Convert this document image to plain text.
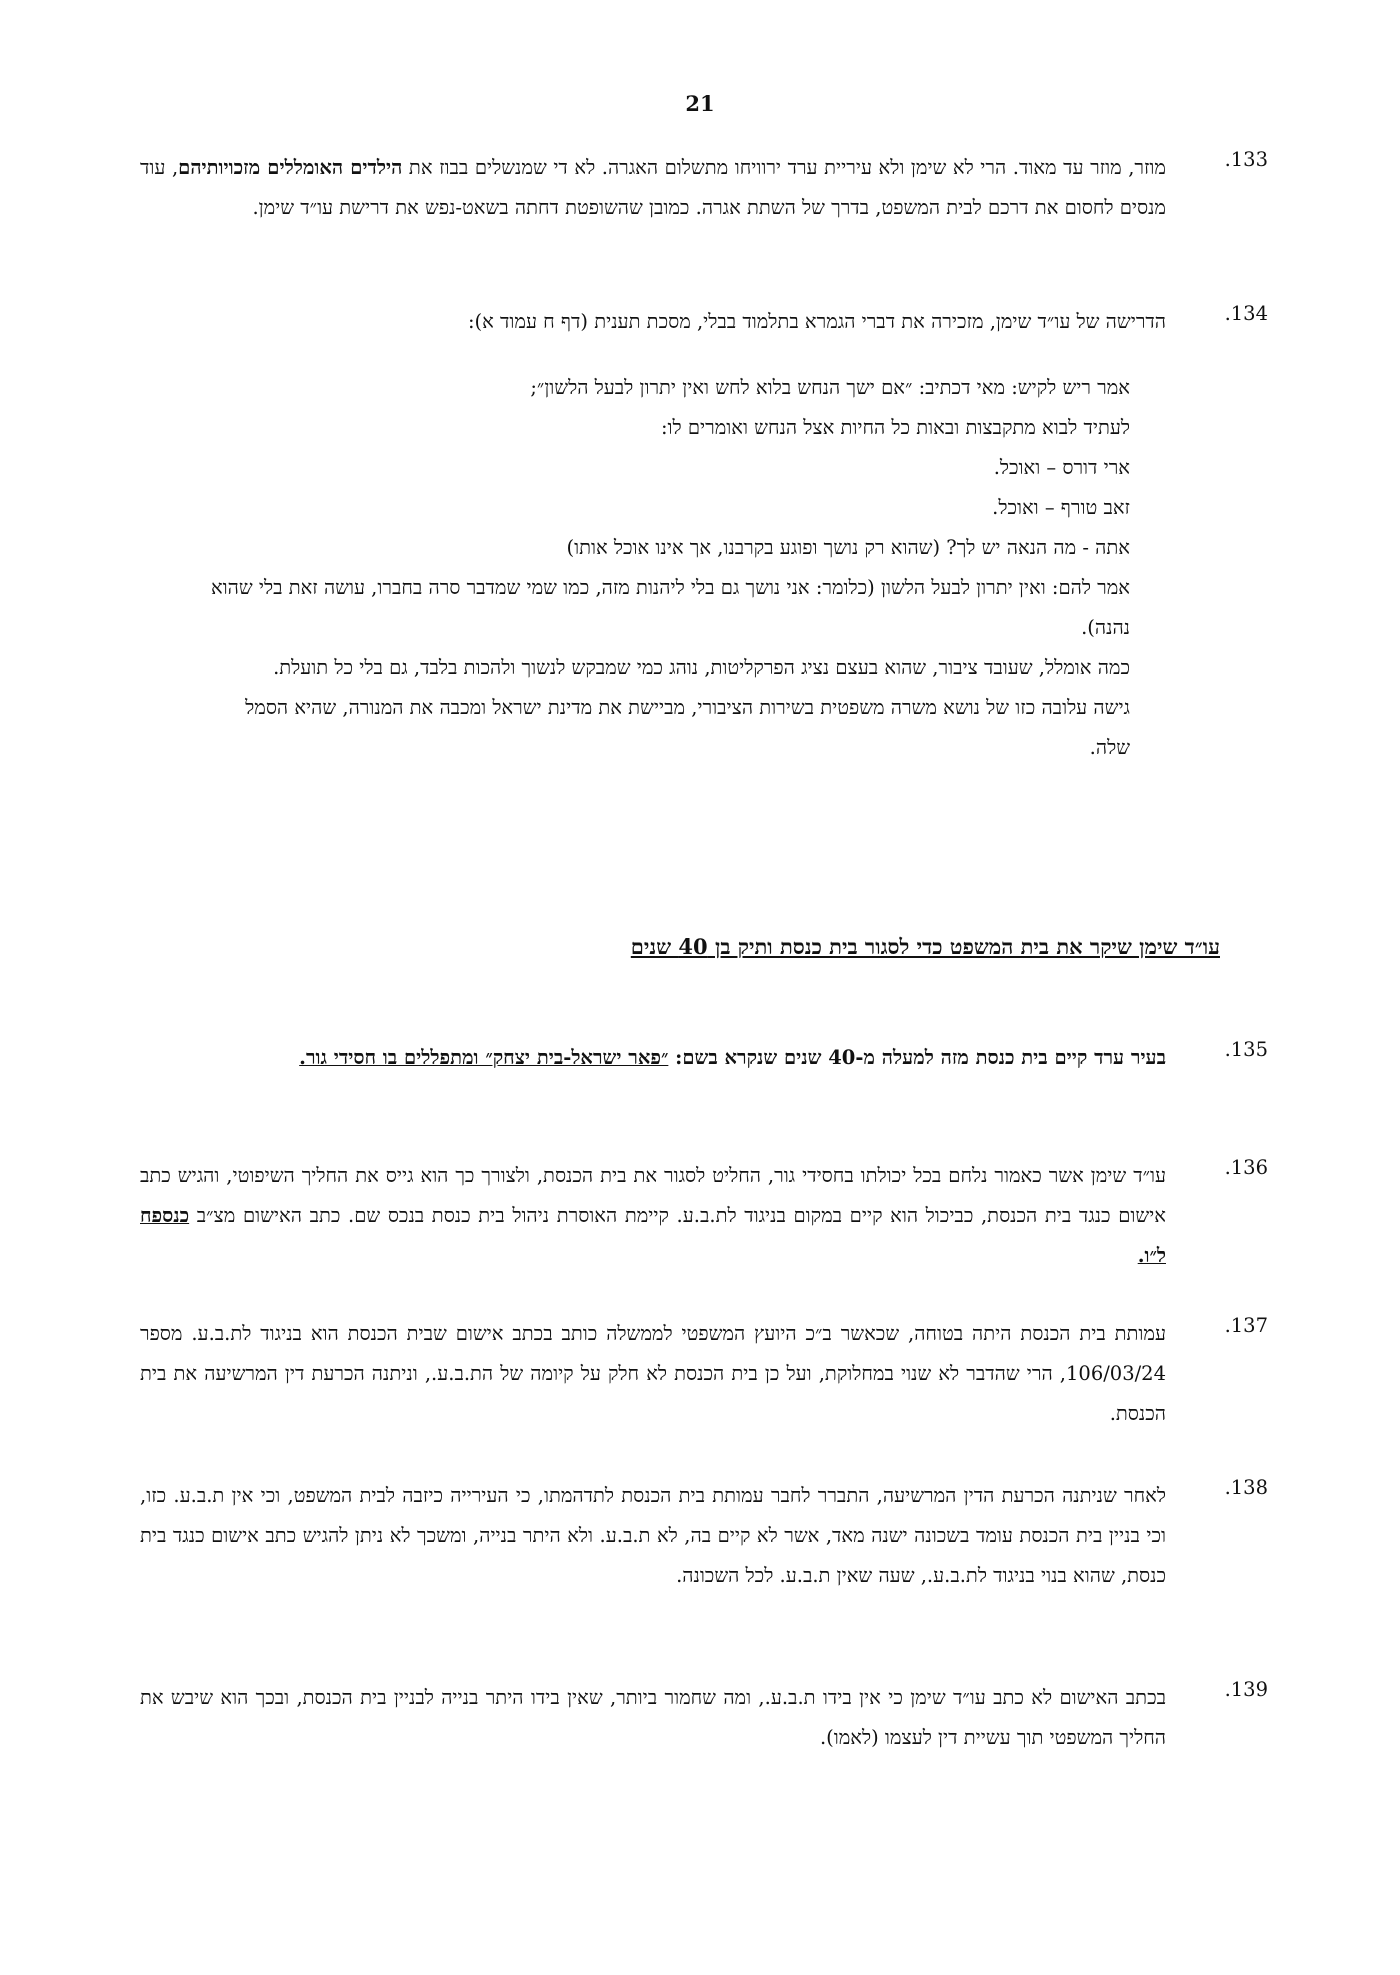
21
.133
מוזר, מוזר עד מאוד. הרי לא שימן ולא עיריית ערד ירוויחו מתשלום האגרה. לא די שמנשלים בבוז את הילדים האומללים מזכויותיהם, עוד מנסים לחסום את דרכם לבית המשפט, בדרך של השתת אגרה. כמובן שהשופטת דחתה בשאט-נפש את דרישת עו״ד שימן.
.134
הדרישה של עו״ד שימן, מזכירה את דברי הגמרא בתלמוד בבלי, מסכת תענית (דף ח עמוד א):

אמר ריש לקיש: מאי דכתיב: ״אם ישך הנחש בלוא לחש ואין יתרון לבעל הלשון״;

לעתיד לבוא מתקבצות ובאות כל החיות אצל הנחש ואומרים לו:

ארי דורס – ואוכל.

זאב טורף – ואוכל.

אתה - מה הנאה יש לך? (שהוא רק נושך ופוגע בקרבנו, אך אינו אוכל אותו)

אמר להם: ואין יתרון לבעל הלשון (כלומר: אני נושך גם בלי ליהנות מזה, כמו שמי שמדבר סרה בחברו, עושה זאת בלי שהוא נהנה).

כמה אומלל, שעובד ציבור, שהוא בעצם נציג הפרקליטות, נוהג כמי שמבקש לנשוך ולהכות בלבד, גם בלי כל תועלת.

גישה עלובה כזו של נושא משרה משפטית בשירות הציבורי, מביישת את מדינת ישראל ומכבה את המנורה, שהיא הסמל שלה.

עו״ד שימן שיקר את בית המשפט כדי לסגור בית כנסת ותיק בן 40 שנים
.135
בעיר ערד קיים בית כנסת מזה למעלה מ-40 שנים שנקרא בשם: ״פאר ישראל-בית יצחק״ ומתפללים בו חסידי גור.
.136
עו״ד שימן אשר כאמור נלחם בכל יכולתו בחסידי גור, החליט לסגור את בית הכנסת, ולצורך כך הוא גייס את החליך השיפוטי, והגיש כתב אישום כנגד בית הכנסת, כביכול הוא קיים במקום בניגוד לת.ב.ע. קיימת האוסרת ניהול בית כנסת בנכס שם. כתב האישום מצ״ב כנספח ל״ו.
.137
עמותת בית הכנסת היתה בטוחה, שכאשר ב״כ היועץ המשפטי לממשלה כותב בכתב אישום שבית הכנסת הוא בניגוד לת.ב.ע. מספר 106/03/24, הרי שהדבר לא שנוי במחלוקת, ועל כן בית הכנסת לא חלק על קיומה של הת.ב.ע., וניתנה הכרעת דין המרשיעה את בית הכנסת.
.138
לאחר שניתנה הכרעת הדין המרשיעה, התברר לחבר עמותת בית הכנסת לתדהמתו, כי העירייה כיזבה לבית המשפט, וכי אין ת.ב.ע. כזו, וכי בניין בית הכנסת עומד בשכונה ישנה מאד, אשר לא קיים בה, לא ת.ב.ע. ולא היתר בנייה, ומשכך לא ניתן להגיש כתב אישום כנגד בית כנסת, שהוא בנוי בניגוד לת.ב.ע., שעה שאין ת.ב.ע. לכל השכונה.
.139
בכתב האישום לא כתב עו״ד שימן כי אין בידו ת.ב.ע., ומה שחמור ביותר, שאין בידו היתר בנייה לבניין בית הכנסת, ובכך הוא שיבש את החליך המשפטי תוך עשיית דין לעצמו (לאמו).
